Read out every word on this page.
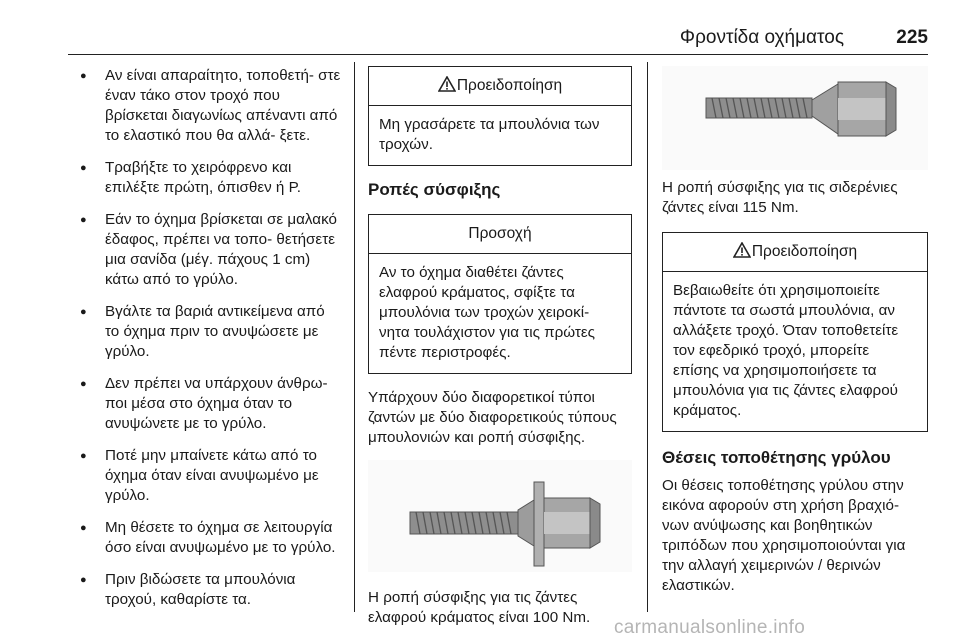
Φροντίδα οχήματος	225
● Αν είναι απαραίτητο, τοποθετή‐ στε έναν τάκο στον τροχό που βρίσκεται διαγωνίως απέναντι από το ελαστικό που θα αλλά‐ ξετε.
● Τραβήξτε το χειρόφρενο και επιλέξτε πρώτη, όπισθεν ή P.
● Εάν το όχημα βρίσκεται σε μαλακό έδαφος, πρέπει να τοπο‐ θετήσετε μια σανίδα (μέγ. πάχους 1 cm) κάτω από το γρύλο.
● Βγάλτε τα βαριά αντικείμενα από το όχημα πριν το ανυψώσετε με γρύλο.
● Δεν πρέπει να υπάρχουν άνθρω‐ ποι μέσα στο όχημα όταν το ανυψώνετε με το γρύλο.
● Ποτέ μην μπαίνετε κάτω από το όχημα όταν είναι ανυψωμένο με γρύλο.
● Μη θέσετε το όχημα σε λειτουργία όσο είναι ανυψωμένο με το γρύλο.
● Πριν βιδώσετε τα μπουλόνια τροχού, καθαρίστε τα.
Προειδοποίηση
Μη γρασάρετε τα μπουλόνια των τροχών.
Ροπές σύσφιξης
Προσοχή
Αν το όχημα διαθέτει ζάντες ελαφρού κράματος, σφίξτε τα μπουλόνια των τροχών χειροκί‐ νητα τουλάχιστον για τις πρώτες πέντε περιστροφές.

Υπάρχουν δύο διαφορετικοί τύποι ζαντών με δύο διαφορετικούς τύπους μπουλονιών και ροπή σύσφιξης.

Η ροπή σύσφιξης για τις ζάντες ελαφρού κράματος είναι 100 Nm.

Η ροπή σύσφιξης για τις σιδερένιες ζάντες είναι 115 Nm.

Προειδοποίηση
Βεβαιωθείτε ότι χρησιμοποιείτε πάντοτε τα σωστά μπουλόνια, αν αλλάξετε τροχό. Όταν τοποθετείτε τον εφεδρικό τροχό, μπορείτε επίσης να χρησιμοποιήσετε τα μπουλόνια για τις ζάντες ελαφρού κράματος.
Θέσεις τοποθέτησης γρύλου

Οι θέσεις τοποθέτησης γρύλου στην εικόνα αφορούν στη χρήση βραχιό‐ νων ανύψωσης και βοηθητικών τριπόδων που χρησιμοποιούνται για την αλλαγή χειμερινών / θερινών ελαστικών.

carmanualsonline.info
